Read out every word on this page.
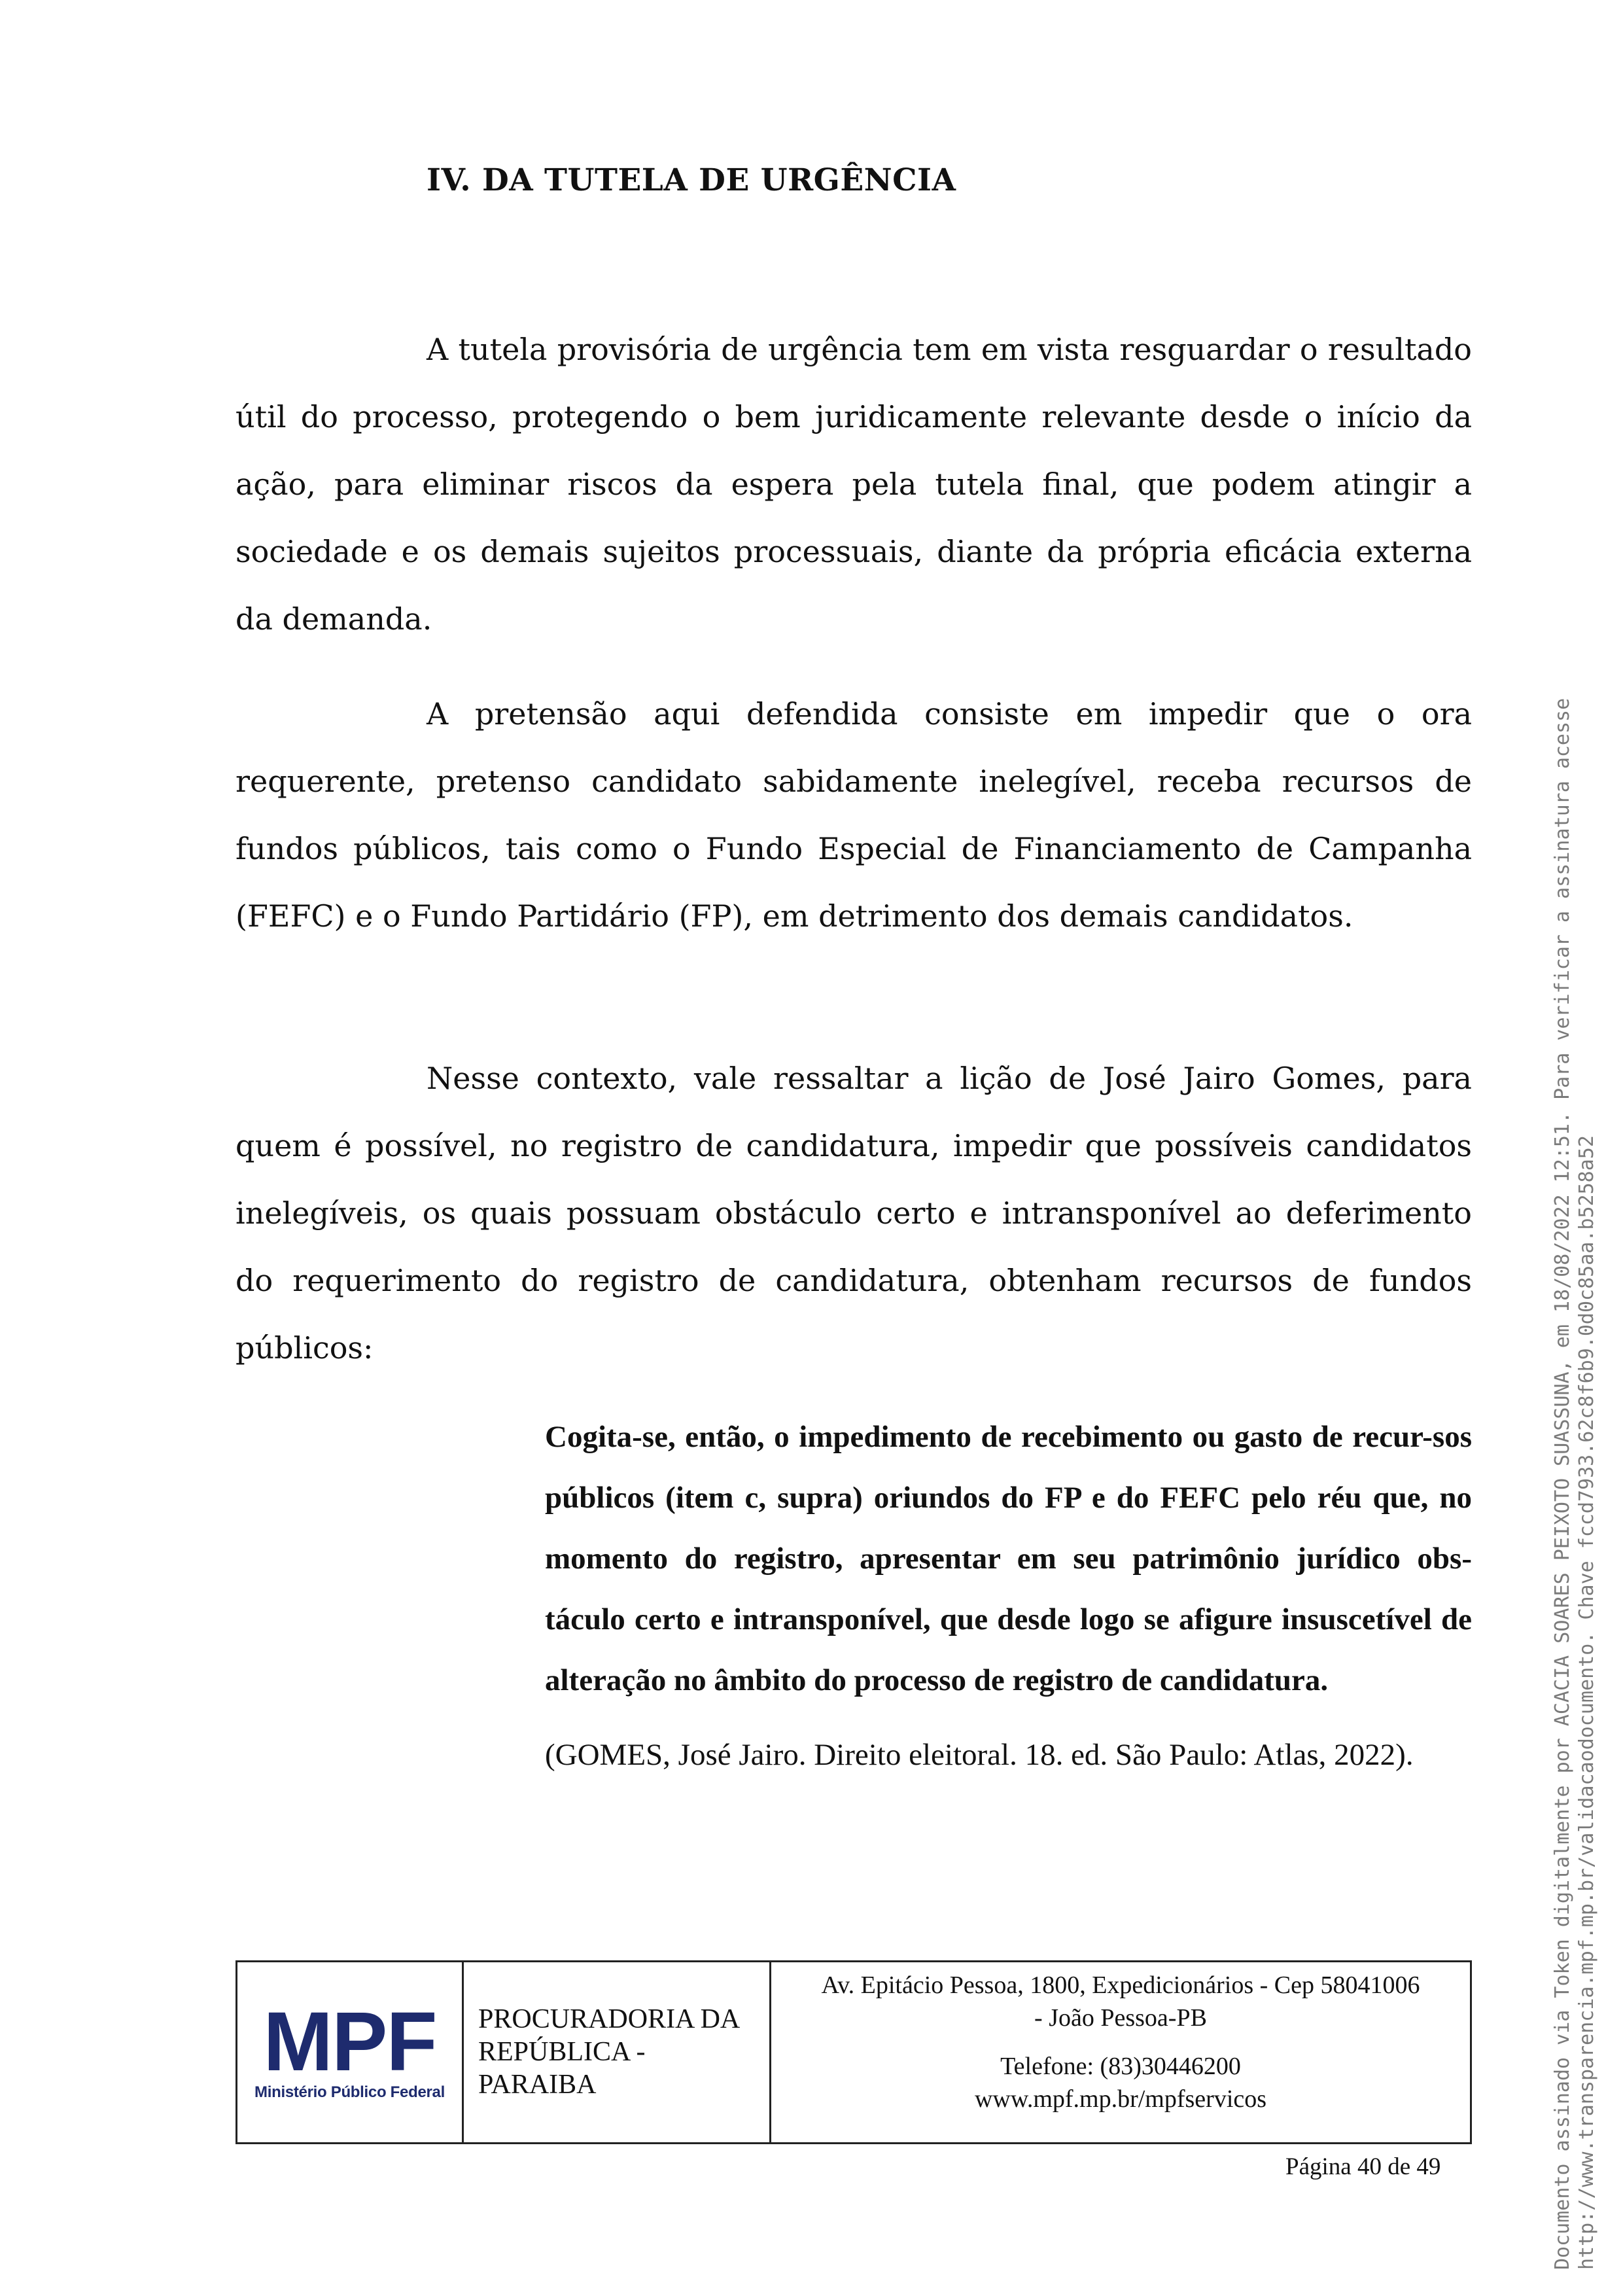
IV. DA TUTELA DE URGÊNCIA

A tutela provisória de urgência tem em vista resguardar o resultado útil do processo, protegendo o bem juridicamente relevante desde o início da ação, para eliminar riscos da espera pela tutela final, que podem atingir a sociedade e os demais sujeitos processuais, diante da própria eficácia externa da demanda.

A pretensão aqui defendida consiste em impedir que o ora requerente, pretenso candidato sabidamente inelegível, receba recursos de fundos públicos, tais como o Fundo Especial de Financiamento de Campanha (FEFC) e o Fundo Partidário (FP), em detrimento dos demais candidatos.

Nesse contexto, vale ressaltar a lição de José Jairo Gomes, para quem é possível, no registro de candidatura, impedir que possíveis candidatos inelegíveis, os quais possuam obstáculo certo e intransponível ao deferimento do requerimento do registro de candidatura, obtenham recursos de fundos públicos:

Cogita-se, então, o impedimento de recebimento ou gasto de recur-sos públicos (item c, supra) oriundos do FP e do FEFC pelo réu que, no momento do registro, apresentar em seu patrimônio jurídico obs-táculo certo e intransponível, que desde logo se afigure insuscetível de alteração no âmbito do processo de registro de candidatura.

(GOMES, José Jairo. Direito eleitoral. 18. ed. São Paulo: Atlas, 2022).

MPF
Ministério Público Federal
PROCURADORIA DA
REPÚBLICA -
PARAIBA
Av. Epitácio Pessoa, 1800, Expedicionários - Cep 58041006
- João Pessoa-PB
Telefone: (83)30446200
www.mpf.mp.br/mpfservicos

Página 40 de 49	Documento assinado via Token digitalmente por ACACIA SOARES PEIXOTO SUASSUNA, em 18/08/2022 12:51. Para verificar a assinatura acesse http://www.transparencia.mpf.mp.br/validacaodocumento. Chave fccd7933.62c8f6b9.0d0c85aa.b5258a52
